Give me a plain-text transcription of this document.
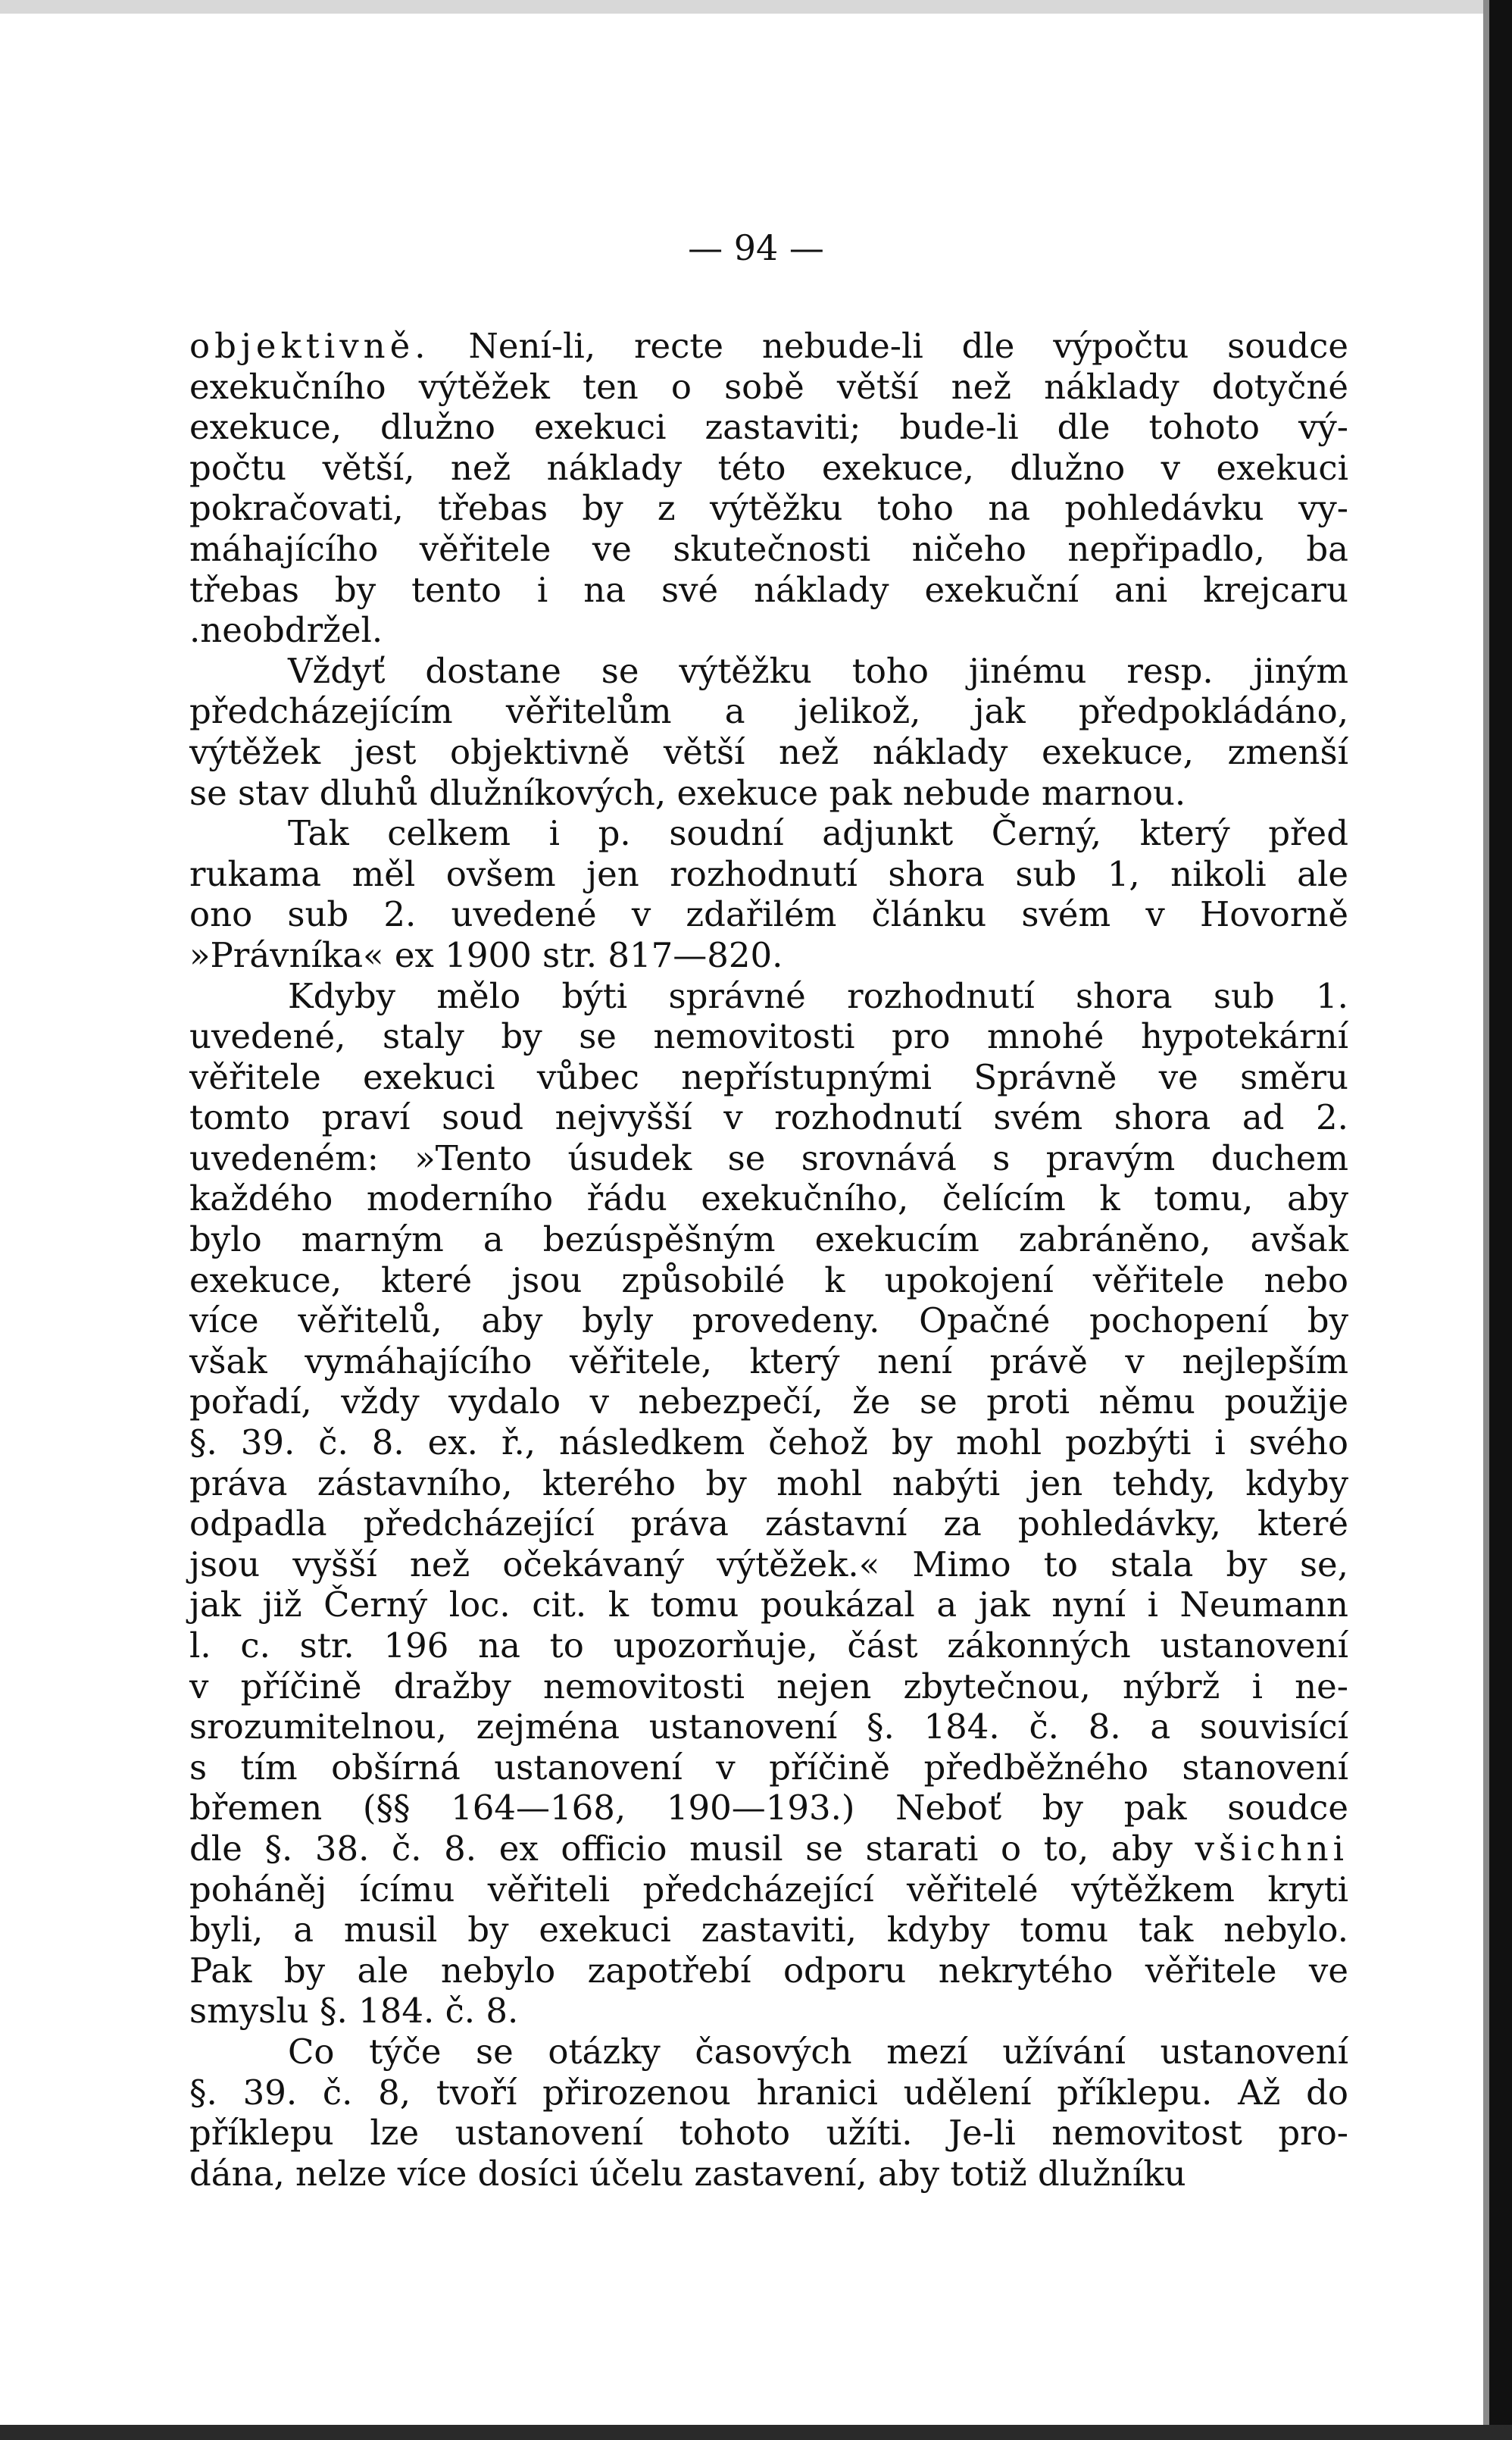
— 94 —
objektivně. Není-li, recte nebude-li dle výpočtu soudce
exekučního výtěžek ten o sobě větší než náklady dotyčné
exekuce, dlužno exekuci zastaviti; bude-li dle tohoto vý-
počtu větší, než náklady této exekuce, dlužno v exekuci
pokračovati, třebas by z výtěžku toho na pohledávku vy-
máhajícího věřitele ve skutečnosti ničeho nepřipadlo, ba
třebas by tento i na své náklady exekuční ani krejcaru
.neobdržel.
Vždyť dostane se výtěžku toho jinému resp. jiným
předcházejícím věřitelům a jelikož, jak předpokládáno,
výtěžek jest objektivně větší než náklady exekuce, zmenší
se stav dluhů dlužníkových, exekuce pak nebude marnou.
Tak celkem i p. soudní adjunkt Černý, který před
rukama měl ovšem jen rozhodnutí shora sub 1, nikoli ale
ono sub 2. uvedené v zdařilém článku svém v Hovorně
»Právníka« ex 1900 str. 817—820.
Kdyby mělo býti správné rozhodnutí shora sub 1.
uvedené, staly by se nemovitosti pro mnohé hypotekární
věřitele exekuci vůbec nepřístupnými Správně ve směru
tomto praví soud nejvyšší v rozhodnutí svém shora ad 2.
uvedeném: »Tento úsudek se srovnává s pravým duchem
každého moderního řádu exekučního, čelícím k tomu, aby
bylo marným a bezúspěšným exekucím zabráněno, avšak
exekuce, které jsou způsobilé k upokojení věřitele nebo
více věřitelů, aby byly provedeny. Opačné pochopení by
však vymáhajícího věřitele, který není právě v nejlepším
pořadí, vždy vydalo v nebezpečí, že se proti němu použije
§. 39. č. 8. ex. ř., následkem čehož by mohl pozbýti i svého
práva zástavního, kterého by mohl nabýti jen tehdy, kdyby
odpadla předcházející práva zástavní za pohledávky, které
jsou vyšší než očekávaný výtěžek.« Mimo to stala by se,
jak již Černý loc. cit. k tomu poukázal a jak nyní i Neumann
l. c. str. 196 na to upozorňuje, část zákonných ustanovení
v příčině dražby nemovitosti nejen zbytečnou, nýbrž i ne-
srozumitelnou, zejména ustanovení §. 184. č. 8. a souvisící
s tím obšírná ustanovení v příčině předběžného stanovení
břemen (§§ 164—168, 190—193.) Neboť by pak soudce
dle §. 38. č. 8. ex officio musil se starati o to, aby všichni
poháněj ícímu věřiteli předcházející věřitelé výtěžkem kryti
byli, a musil by exekuci zastaviti, kdyby tomu tak nebylo.
Pak by ale nebylo zapotřebí odporu nekrytého věřitele ve
smyslu §. 184. č. 8.
Co týče se otázky časových mezí užívání ustanovení
§. 39. č. 8, tvoří přirozenou hranici udělení příklepu. Až do
příklepu lze ustanovení tohoto užíti. Je-li nemovitost pro-
dána, nelze více dosíci účelu zastavení, aby totiž dlužníku
